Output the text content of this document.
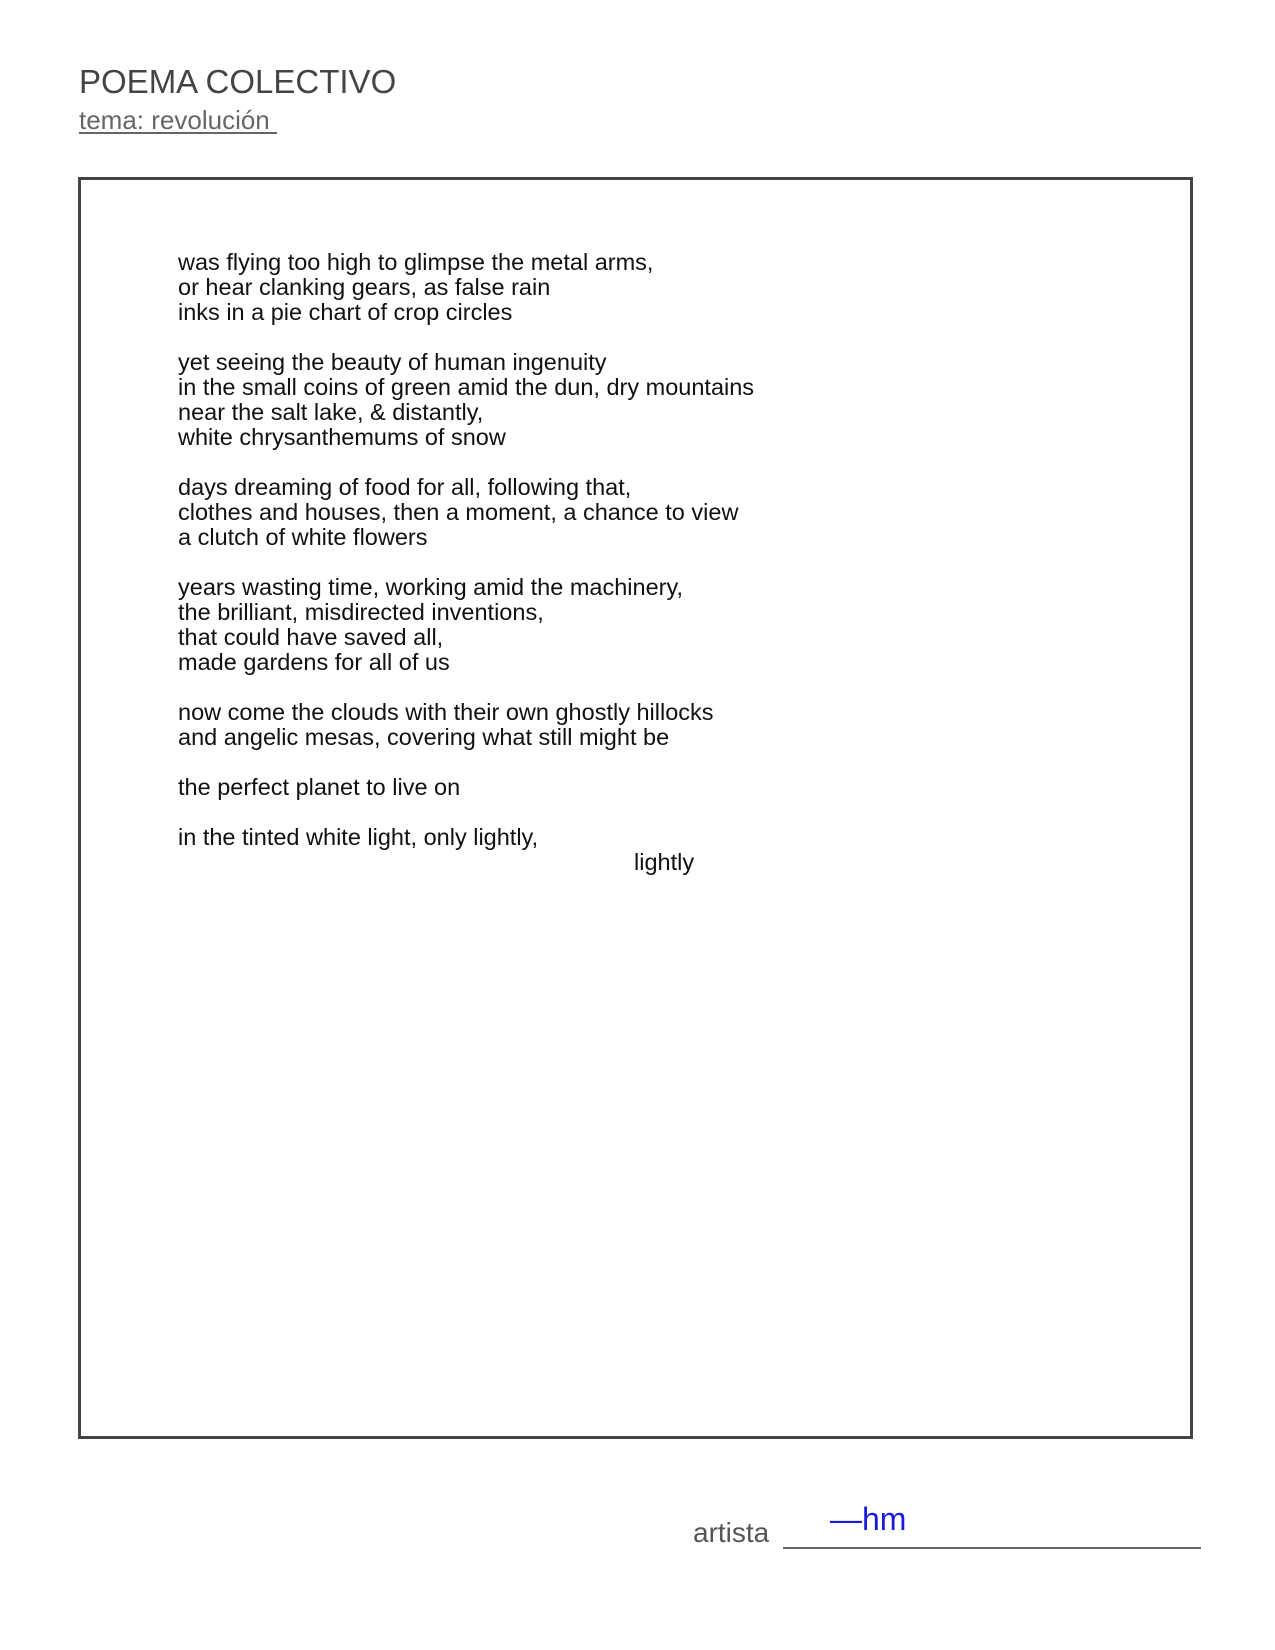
POEMA COLECTIVO
tema: revolución
was flying too high to glimpse the metal arms,
or hear clanking gears, as false rain
inks in a pie chart of crop circles
yet seeing the beauty of human ingenuity
in the small coins of green amid the dun, dry mountains
near the salt lake, & distantly,
white chrysanthemums of snow
days dreaming of food for all, following that,
clothes and houses, then a moment, a chance to view
a clutch of white flowers
years wasting time, working amid the machinery,
the brilliant, misdirected inventions,
that could have saved all,
made gardens for all of us
now come the clouds with their own ghostly hillocks
and angelic mesas, covering what still might be
the perfect planet to live on
in the tinted white light, only lightly,
lightly
artista —hm
